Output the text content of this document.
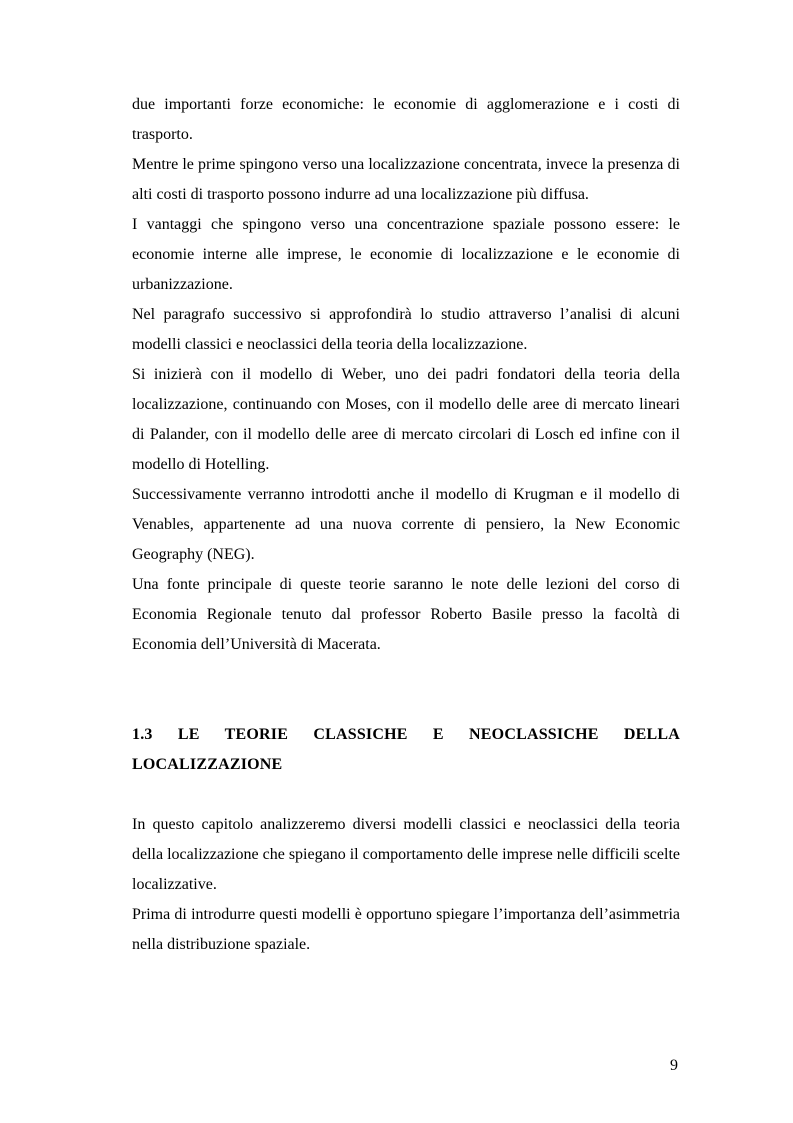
due importanti forze economiche: le economie di agglomerazione e i costi di trasporto.

Mentre le prime spingono verso una localizzazione concentrata, invece la presenza di alti costi di trasporto possono indurre ad una localizzazione più diffusa.

I vantaggi che spingono verso una concentrazione spaziale possono essere: le economie interne alle imprese, le economie di localizzazione e le economie di urbanizzazione.

Nel paragrafo successivo si approfondirà lo studio attraverso l’analisi di alcuni modelli classici e neoclassici della teoria della localizzazione.

Si inizierà con il modello di Weber, uno dei padri fondatori della teoria della localizzazione, continuando con Moses, con il modello delle aree di mercato lineari di Palander, con il modello delle aree di mercato circolari di Losch ed infine con il modello di Hotelling.

Successivamente verranno introdotti anche il modello di Krugman e il modello di Venables, appartenente ad una nuova corrente di pensiero, la New Economic Geography (NEG).

Una fonte principale di queste teorie saranno le note delle lezioni del corso di Economia Regionale tenuto dal professor Roberto Basile presso la facoltà di Economia dell’Università di Macerata.

1.3 LE TEORIE CLASSICHE E NEOCLASSICHE DELLA LOCALIZZAZIONE

In questo capitolo analizzeremo diversi modelli classici e neoclassici della teoria della localizzazione che spiegano il comportamento delle imprese nelle difficili scelte localizzative.

Prima di introdurre questi modelli è opportuno spiegare l’importanza dell’asimmetria nella distribuzione spaziale.

9
